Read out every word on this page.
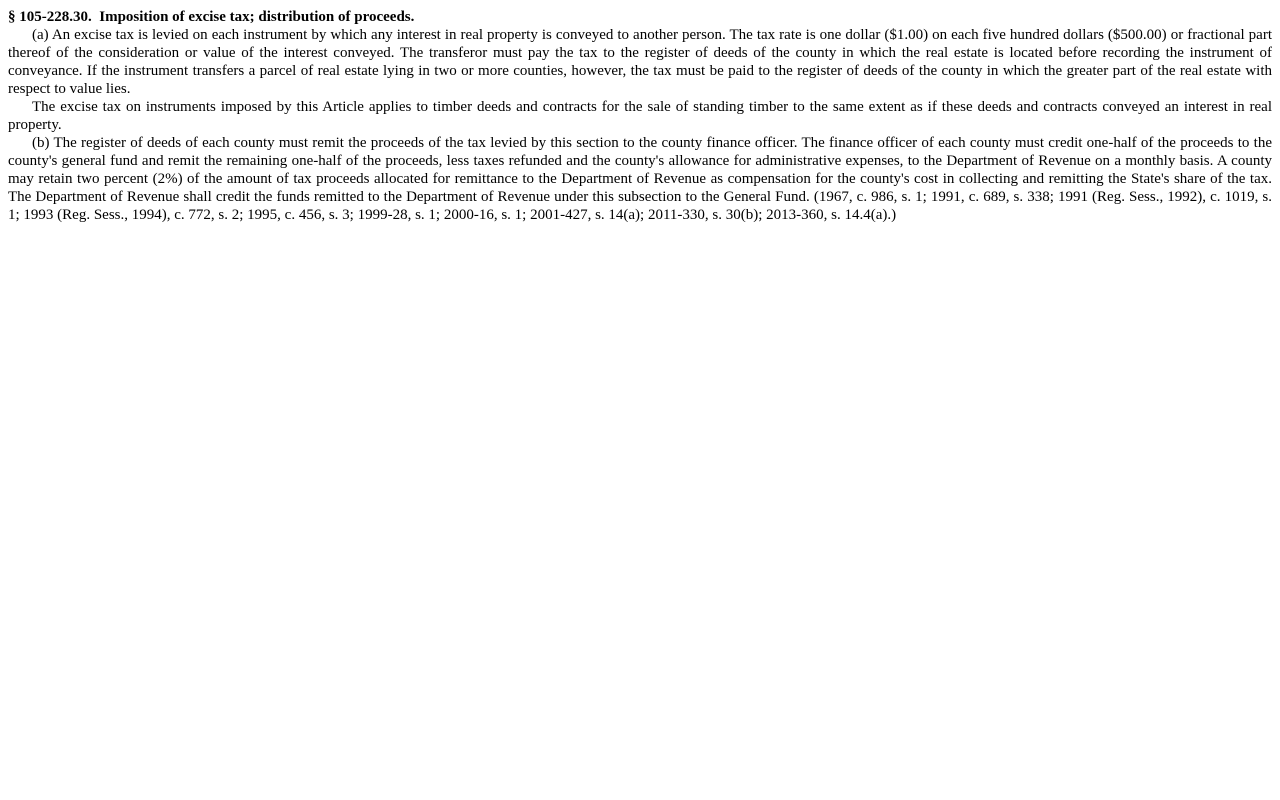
§ 105-228.30.  Imposition of excise tax; distribution of proceeds.

(a) An excise tax is levied on each instrument by which any interest in real property is conveyed to another person. The tax rate is one dollar ($1.00) on each five hundred dollars ($500.00) or fractional part thereof of the consideration or value of the interest conveyed. The transferor must pay the tax to the register of deeds of the county in which the real estate is located before recording the instrument of conveyance. If the instrument transfers a parcel of real estate lying in two or more counties, however, the tax must be paid to the register of deeds of the county in which the greater part of the real estate with respect to value lies.

The excise tax on instruments imposed by this Article applies to timber deeds and contracts for the sale of standing timber to the same extent as if these deeds and contracts conveyed an interest in real property.

(b) The register of deeds of each county must remit the proceeds of the tax levied by this section to the county finance officer. The finance officer of each county must credit one-half of the proceeds to the county's general fund and remit the remaining one-half of the proceeds, less taxes refunded and the county's allowance for administrative expenses, to the Department of Revenue on a monthly basis. A county may retain two percent (2%) of the amount of tax proceeds allocated for remittance to the Department of Revenue as compensation for the county's cost in collecting and remitting the State's share of the tax. The Department of Revenue shall credit the funds remitted to the Department of Revenue under this subsection to the General Fund. (1967, c. 986, s. 1; 1991, c. 689, s. 338; 1991 (Reg. Sess., 1992), c. 1019, s. 1; 1993 (Reg. Sess., 1994), c. 772, s. 2; 1995, c. 456, s. 3; 1999-28, s. 1; 2000-16, s. 1; 2001-427, s. 14(a); 2011-330, s. 30(b); 2013-360, s. 14.4(a).)
